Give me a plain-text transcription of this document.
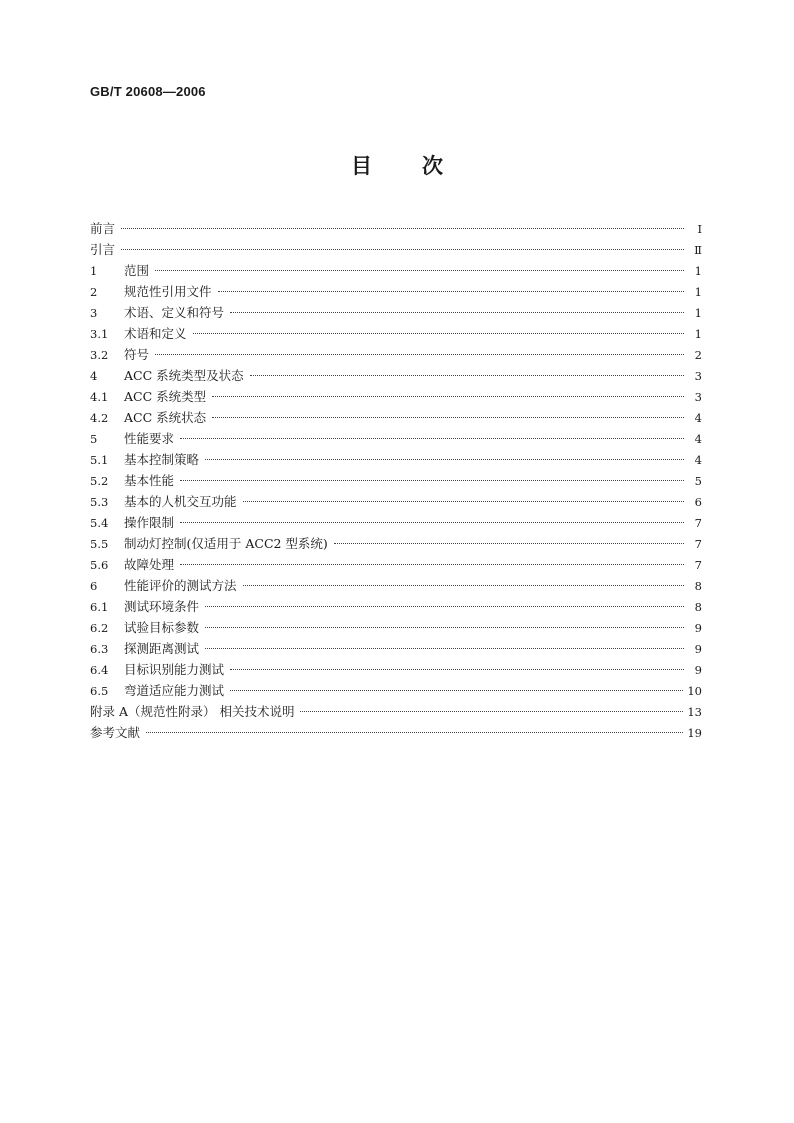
GB/T 20608—2006
目 次
前言	Ⅰ
引言	Ⅱ
1	范围	1
2	规范性引用文件	1
3	术语、定义和符号	1
3.1	术语和定义	1
3.2	符号	2
4	ACC 系统类型及状态	3
4.1	ACC 系统类型	3
4.2	ACC 系统状态	4
5	性能要求	4
5.1	基本控制策略	4
5.2	基本性能	5
5.3	基本的人机交互功能	6
5.4	操作限制	7
5.5	制动灯控制(仅适用于 ACC2 型系统)	7
5.6	故障处理	7
6	性能评价的测试方法	8
6.1	测试环境条件	8
6.2	试验目标参数	9
6.3	探测距离测试	9
6.4	目标识别能力测试	9
6.5	弯道适应能力测试	10
附录 A（规范性附录） 相关技术说明	13
参考文献	19
